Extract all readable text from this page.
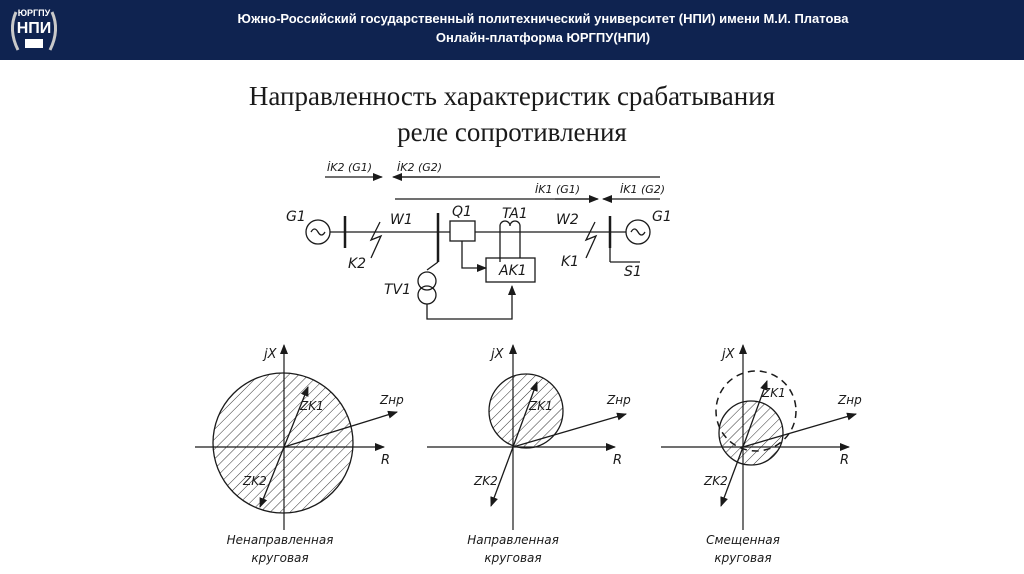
ЮРГПУ
НПИ
Южно-Российский государственный политехнический университет (НПИ) имени М.И. Платова
Онлайн-платформа ЮРГПУ(НПИ)
Направленность характеристик срабатывания
реле сопротивления
İK2 (G1) İK2 (G2)
İK1 (G1)	İK1 (G2)
G1	G1
W1	W2
Q1 TA1
AK1
K1
K2
TV1
S1
jX
R
ZK1
ZK2
Zнр
Ненаправленная
круговая
jX
R
ZK1
ZK2
Zнр
Направленная
круговая
jX
R
ZK1
ZK2
Zнр
Смещенная
круговая
